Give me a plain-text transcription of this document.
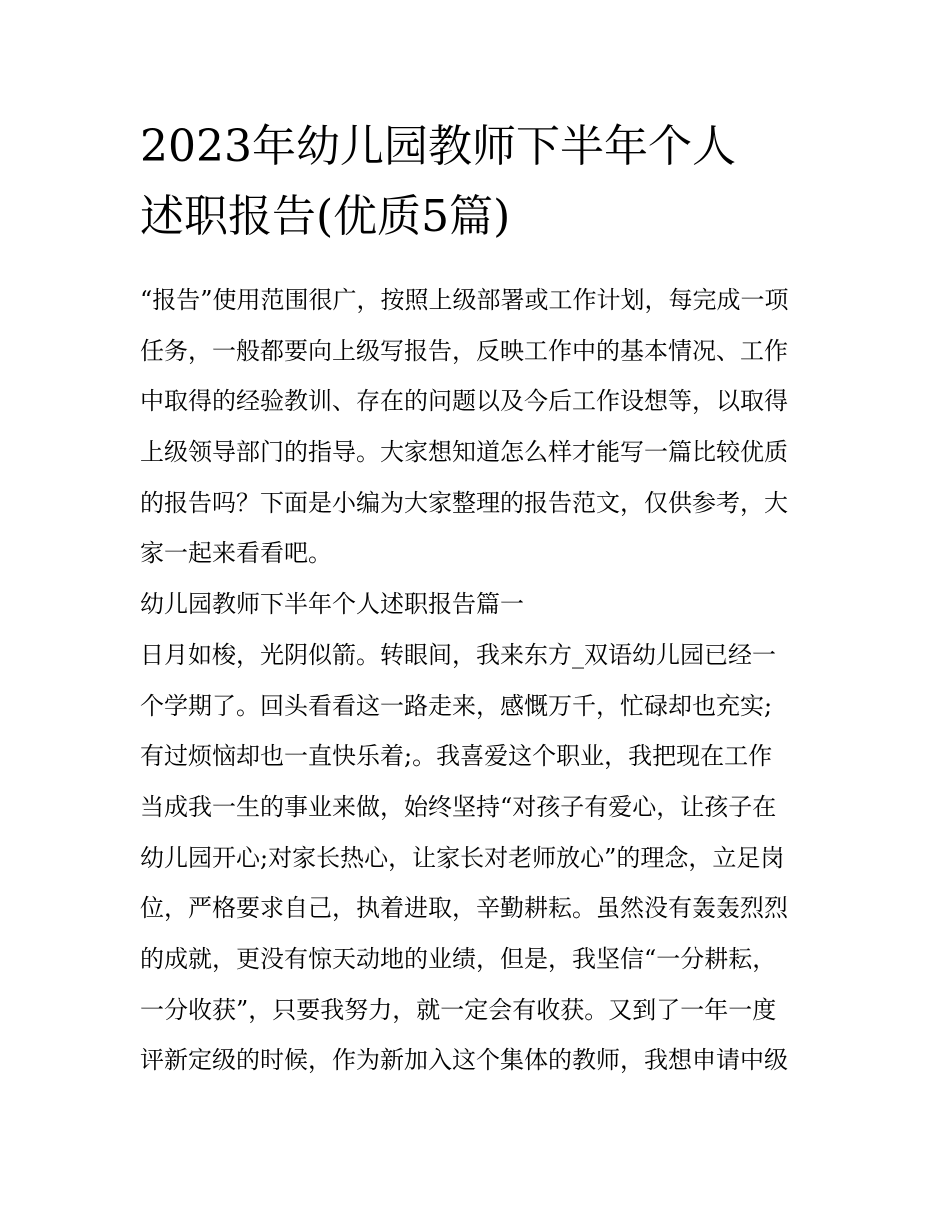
2023年幼儿园教师下半年个人
述职报告(优质5篇)
“报告”使用范围很广，按照上级部署或工作计划，每完成一项
任务，一般都要向上级写报告，反映工作中的基本情况、工作
中取得的经验教训、存在的问题以及今后工作设想等，以取得
上级领导部门的指导。大家想知道怎么样才能写一篇比较优质
的报告吗？下面是小编为大家整理的报告范文，仅供参考，大
家一起来看看吧。
幼儿园教师下半年个人述职报告篇一
日月如梭，光阴似箭。转眼间，我来东方_双语幼儿园已经一
个学期了。回头看看这一路走来，感慨万千，忙碌却也充实;
有过烦恼却也一直快乐着;。我喜爱这个职业，我把现在工作
当成我一生的事业来做，始终坚持“对孩子有爱心，让孩子在
幼儿园开心;对家长热心，让家长对老师放心”的理念，立足岗
位，严格要求自己，执着进取，辛勤耕耘。虽然没有轰轰烈烈
的成就，更没有惊天动地的业绩，但是，我坚信“一分耕耘，
一分收获”，只要我努力，就一定会有收获。又到了一年一度
评新定级的时候，作为新加入这个集体的教师，我想申请中级
